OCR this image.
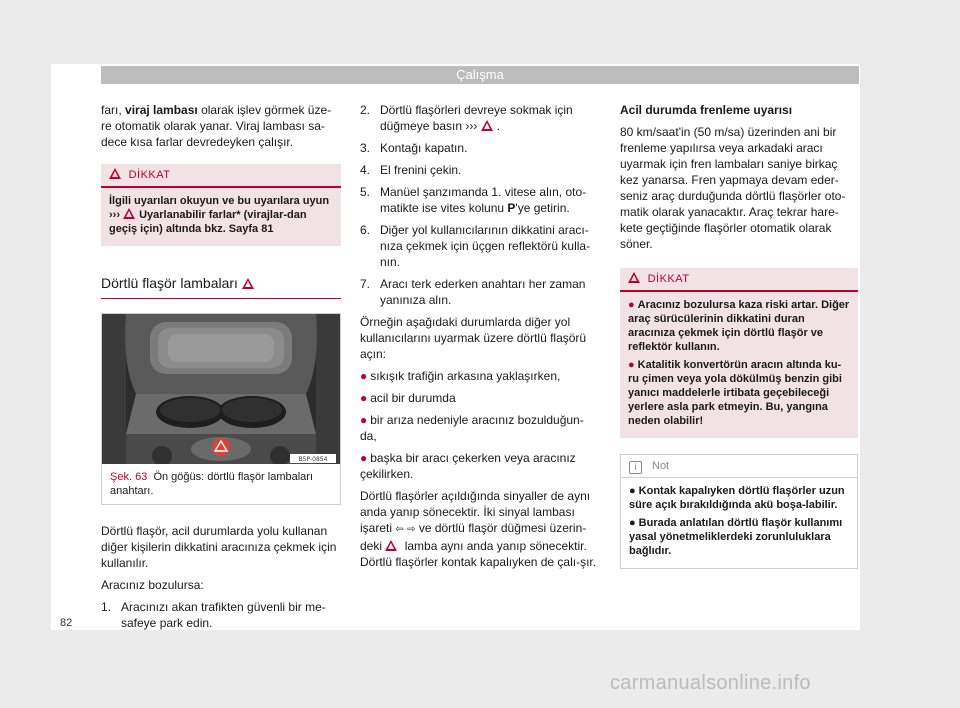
Çalışma

farı, viraj lambası olarak işlev görmek üze-re otomatik olarak yanar. Viraj lambası sa-dece kısa farlar devredeyken çalışır.

DİKKAT

İlgili uyarıları okuyun ve bu uyarılara uyun ››› Uyarlanabilir farlar* (virajlar-dan geçiş için) altında bkz. Sayfa 81

Dörtlü flaşör lambaları
B5P-0854
Şek. 63 Ön göğüs: dörtlü flaşör lambaları anahtarı.

Dörtlü flaşör, acil durumlarda yolu kullanan diğer kişilerin dikkatini aracınıza çekmek için kullanılır.

Aracınız bozulursa:

1. Aracınızı akan trafikten güvenli bir me-safeye park edin.
2. Dörtlü flaşörleri devreye sokmak için düğmeye basın ››› .
3. Kontağı kapatın.
4. El frenini çekin.
5. Manüel şanzımanda 1. vitese alın, oto-matikte ise vites kolunu P'ye getirin.
6. Diğer yol kullanıcılarının dikkatini aracı-nıza çekmek için üçgen reflektörü kulla-nın.
7. Aracı terk ederken anahtarı her zaman yanınıza alın.

Örneğin aşağıdaki durumlarda diğer yol kullanıcılarını uyarmak üzere dörtlü flaşörü açın:

● sıkışık trafiğin arkasına yaklaşırken,

● acil bir durumda

● bir arıza nedeniyle aracınız bozulduğun-da,

● başka bir aracı çekerken veya aracınız çekilirken.

Dörtlü flaşörler açıldığında sinyaller de aynı anda yanıp sönecektir. İki sinyal lambası işareti ⇦ ⇨ ve dörtlü flaşör düğmesi üzerin-deki lamba aynı anda yanıp sönecektir. Dörtlü flaşörler kontak kapalıyken de çalı-şır.

Acil durumda frenleme uyarısı

80 km/saat'in (50 m/sa) üzerinden ani bir frenleme yapılırsa veya arkadaki aracı uyarmak için fren lambaları saniye birkaç kez yanarsa. Fren yapmaya devam eder-seniz araç durduğunda dörtlü flaşörler oto-matik olarak yanacaktır. Araç tekrar hare-kete geçtiğinde flaşörler otomatik olarak söner.

DİKKAT

● Aracınız bozulursa kaza riski artar. Diğer araç sürücülerinin dikkatini duran aracınıza çekmek için dörtlü flaşör ve reflektör kullanın.

● Katalitik konvertörün aracın altında ku-ru çimen veya yola dökülmüş benzin gibi yanıcı maddelerle irtibata geçebileceği yerlere asla park etmeyin. Bu, yangına neden olabilir!

i Not

● Kontak kapalıyken dörtlü flaşörler uzun süre açık bırakıldığında akü boşa-labilir.

● Burada anlatılan dörtlü flaşör kullanımı yasal yönetmeliklerdeki zorunluluklara bağlıdır.

82
carmanualsonline.info
